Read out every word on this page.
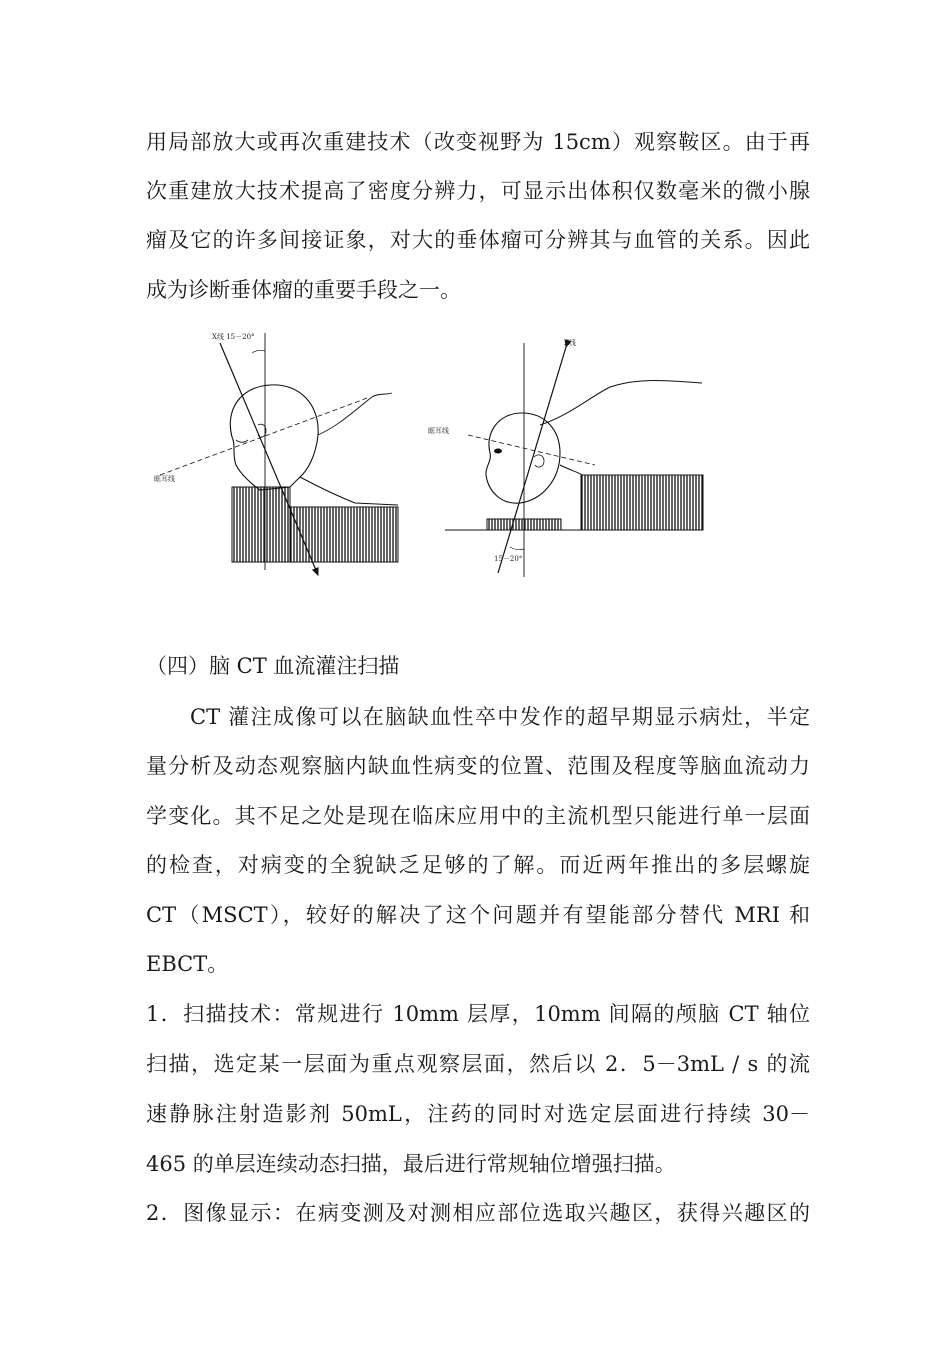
用局部放大或再次重建技术（改变视野为 15cm）观察鞍区。由于再
次重建放大技术提高了密度分辨力，可显示出体积仅数毫米的微小腺
瘤及它的许多间接证象，对大的垂体瘤可分辨其与血管的关系。因此
成为诊断垂体瘤的重要手段之一。
X线 15－20°
眶耳线
X线
眶耳线
15－20°
（四）脑 CT 血流灌注扫描
CT 灌注成像可以在脑缺血性卒中发作的超早期显示病灶，半定
量分析及动态观察脑内缺血性病变的位置、范围及程度等脑血流动力
学变化。其不足之处是现在临床应用中的主流机型只能进行单一层面
的检查，对病变的全貌缺乏足够的了解。而近两年推出的多层螺旋
CT（MSCT），较好的解决了这个问题并有望能部分替代 MRI 和
EBCT。
1．扫描技术：常规进行 10mm 层厚，10mm 间隔的颅脑 CT 轴位
扫描，选定某一层面为重点观察层面，然后以 2．5－3mL / s 的流
速静脉注射造影剂 50mL，注药的同时对选定层面进行持续 30－
465 的单层连续动态扫描，最后进行常规轴位增强扫描。
2．图像显示：在病变测及对测相应部位选取兴趣区，获得兴趣区的
